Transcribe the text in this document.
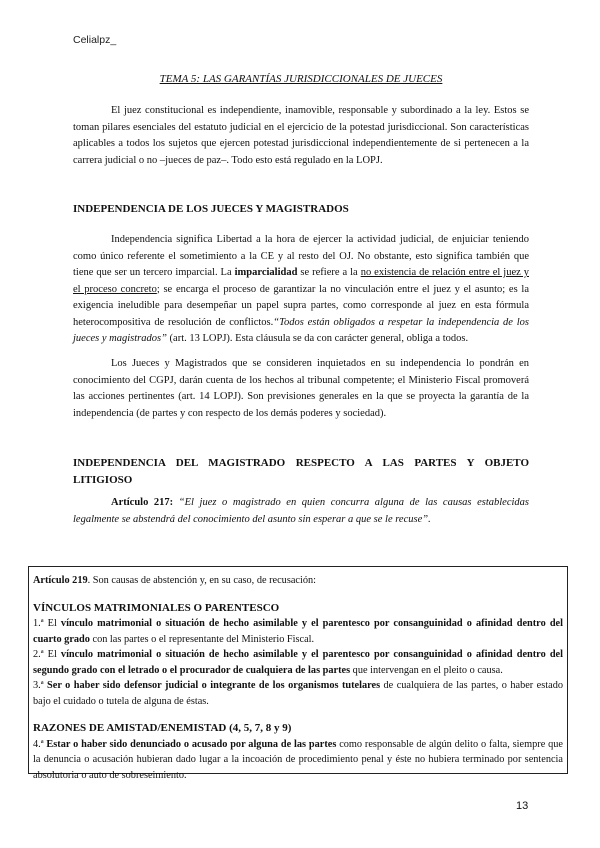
Celialpz_
TEMA 5: LAS GARANTÍAS JURISDICCIONALES DE JUECES
El juez constitucional es independiente, inamovible, responsable y subordinado a la ley. Estos se toman pilares esenciales del estatuto judicial en el ejercicio de la potestad jurisdiccional. Son características aplicables a todos los sujetos que ejercen potestad jurisdiccional independientemente de si pertenecen a la carrera judicial o no –jueces de paz–. Todo esto está regulado en la LOPJ.
INDEPENDENCIA DE LOS JUECES Y MAGISTRADOS
Independencia significa Libertad a la hora de ejercer la actividad judicial, de enjuiciar teniendo como único referente el sometimiento a la CE y al resto del OJ. No obstante, esto significa también que tiene que ser un tercero imparcial. La imparcialidad se refiere a la no existencia de relación entre el juez y el proceso concreto; se encarga el proceso de garantizar la no vinculación entre el juez y el asunto; es la exigencia ineludible para desempeñar un papel supra partes, como corresponde al juez en esta fórmula heterocompositiva de resolución de conflictos.“Todos están obligados a respetar la independencia de los jueces y magistrados” (art. 13 LOPJ). Esta cláusula se da con carácter general, obliga a todos.
Los Jueces y Magistrados que se consideren inquietados en su independencia lo pondrán en conocimiento del CGPJ, darán cuenta de los hechos al tribunal competente; el Ministerio Fiscal promoverá las acciones pertinentes (art. 14 LOPJ). Son previsiones generales en la que se proyecta la garantía de la independencia (de partes y con respecto de los demás poderes y sociedad).
INDEPENDENCIA DEL MAGISTRADO RESPECTO A LAS PARTES Y OBJETO LITIGIOSO
Artículo 217: “El juez o magistrado en quien concurra alguna de las causas establecidas legalmente se abstendrá del conocimiento del asunto sin esperar a que se le recuse”.

Artículo 219. Son causas de abstención y, en su caso, de recusación:

VÍNCULOS MATRIMONIALES O PARENTESCO

1.ª El vínculo matrimonial o situación de hecho asimilable y el parentesco por consanguinidad o afinidad dentro del cuarto grado con las partes o el representante del Ministerio Fiscal.

2.ª El vínculo matrimonial o situación de hecho asimilable y el parentesco por consanguinidad o afinidad dentro del segundo grado con el letrado o el procurador de cualquiera de las partes que intervengan en el pleito o causa.

3.ª Ser o haber sido defensor judicial o integrante de los organismos tutelares de cualquiera de las partes, o haber estado bajo el cuidado o tutela de alguna de éstas.

RAZONES DE AMISTAD/ENEMISTAD (4, 5, 7, 8 y 9)

4.ª Estar o haber sido denunciado o acusado por alguna de las partes como responsable de algún delito o falta, siempre que la denuncia o acusación hubieran dado lugar a la incoación de procedimiento penal y éste no hubiera terminado por sentencia absolutoria o auto de sobreseimiento.

13
